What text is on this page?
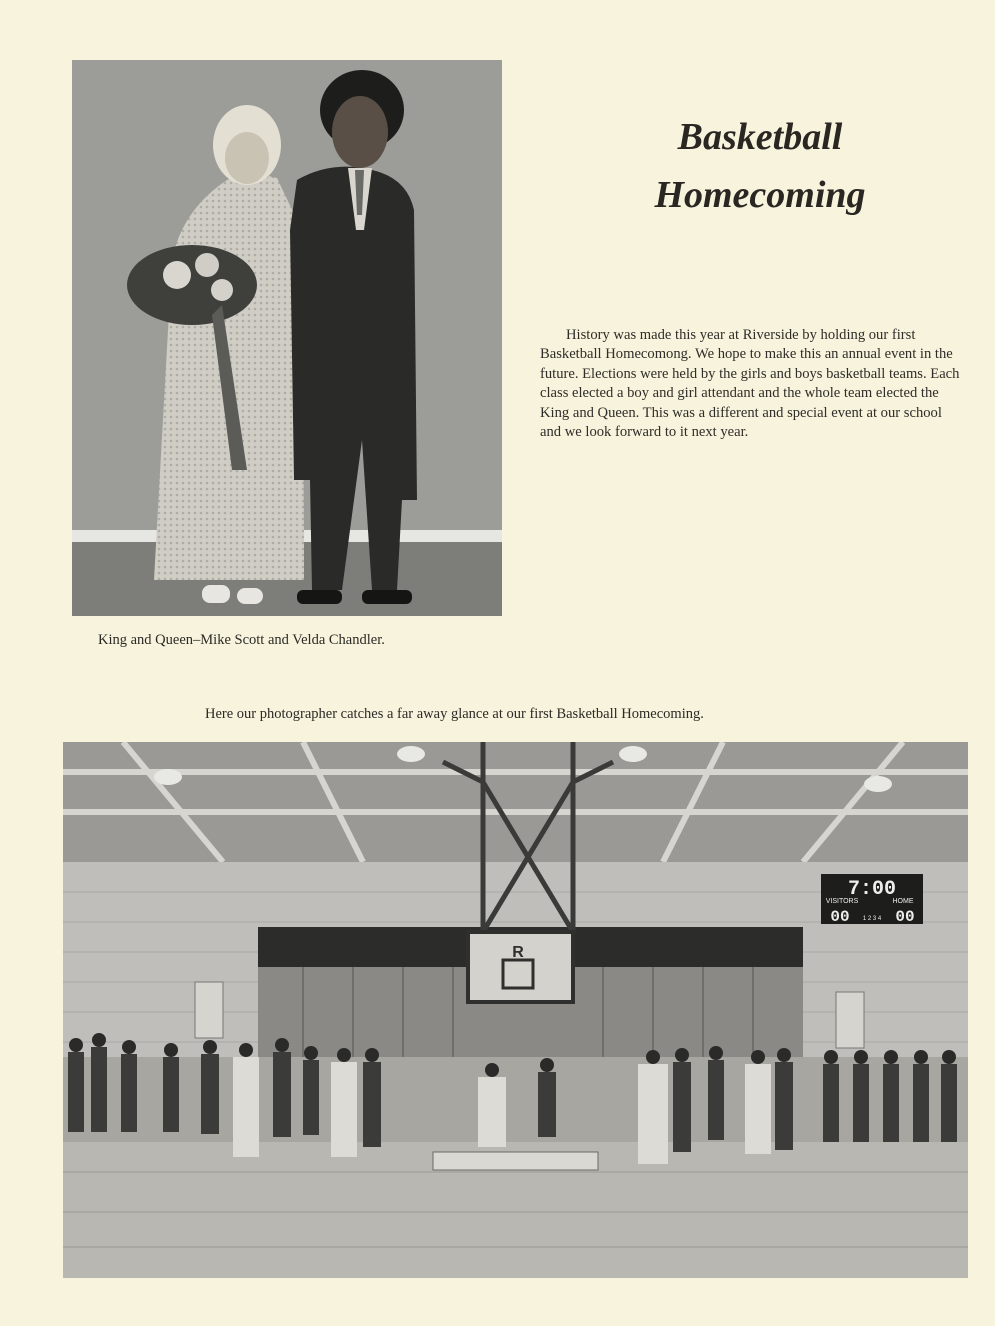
Basketball
Homecoming

History was made this year at Riverside by holding our first Basketball Homecomong. We hope to make this an annual event in the future. Elections were held by the girls and boys basketball teams. Each class elected a boy and girl attendant and the whole team elected the King and Queen. This was a different and special event at our school and we look forward to it next year.

King and Queen–Mike Scott and Velda Chandler.

Here our photographer catches a far away glance at our first Basketball Homecoming.

R
7:00
VISITORS	HOME
00 1 2 3 4 00
